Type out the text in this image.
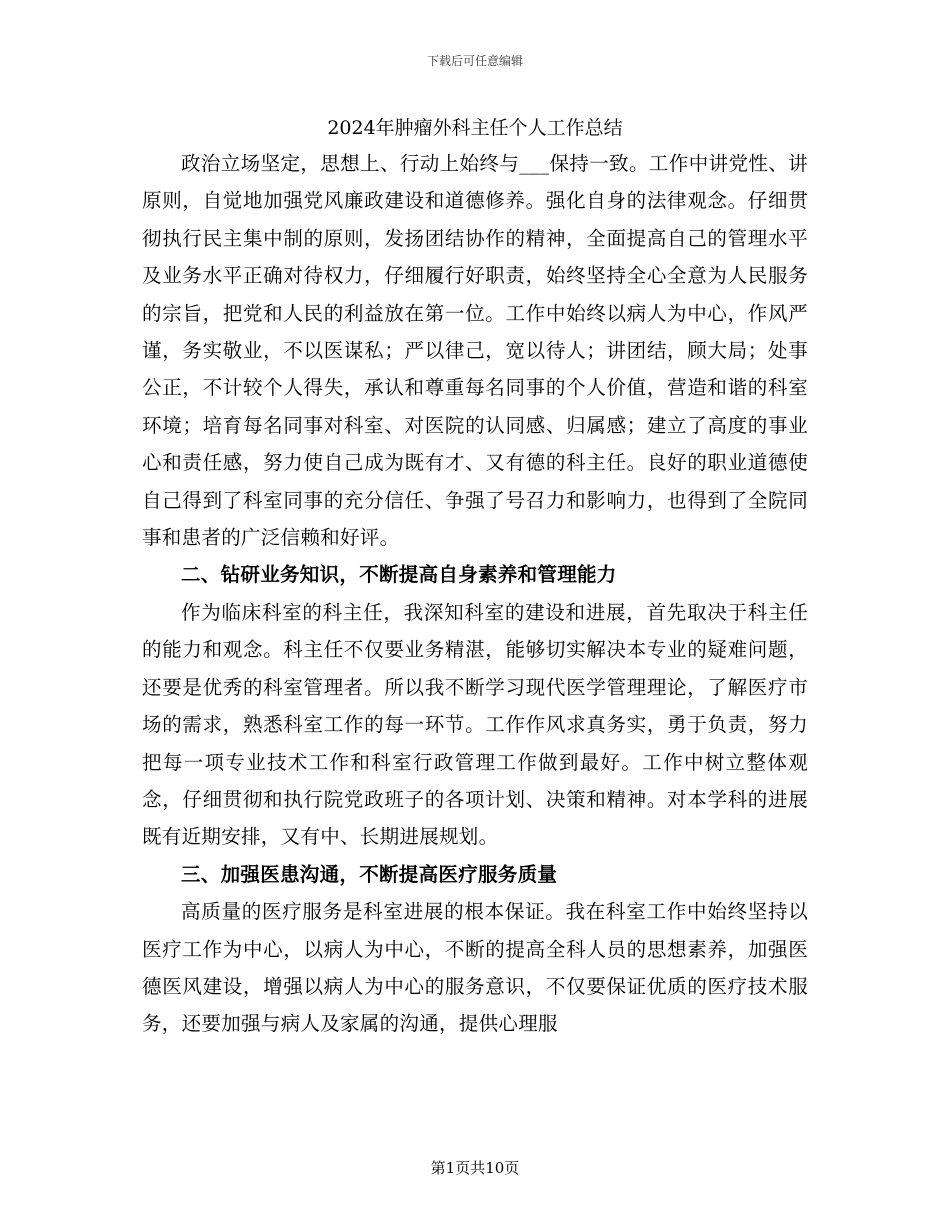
下载后可任意编辑
2024年肿瘤外科主任个人工作总结

政治立场坚定，思想上、行动上始终与___保持一致。工作中讲党性、讲原则，自觉地加强党风廉政建设和道德修养。强化自身的法律观念。仔细贯彻执行民主集中制的原则，发扬团结协作的精神，全面提高自己的管理水平及业务水平正确对待权力，仔细履行好职责，始终坚持全心全意为人民服务的宗旨，把党和人民的利益放在第一位。工作中始终以病人为中心，作风严谨，务实敬业，不以医谋私；严以律己，宽以待人；讲团结，顾大局；处事公正，不计较个人得失，承认和尊重每名同事的个人价值，营造和谐的科室环境；培育每名同事对科室、对医院的认同感、归属感；建立了高度的事业心和责任感，努力使自己成为既有才、又有德的科主任。良好的职业道德使自己得到了科室同事的充分信任、争强了号召力和影响力，也得到了全院同事和患者的广泛信赖和好评。

二、钻研业务知识，不断提高自身素养和管理能力

作为临床科室的科主任，我深知科室的建设和进展，首先取决于科主任的能力和观念。科主任不仅要业务精湛，能够切实解决本专业的疑难问题，还要是优秀的科室管理者。所以我不断学习现代医学管理理论，了解医疗市场的需求，熟悉科室工作的每一环节。工作作风求真务实，勇于负责，努力把每一项专业技术工作和科室行政管理工作做到最好。工作中树立整体观念，仔细贯彻和执行院党政班子的各项计划、决策和精神。对本学科的进展既有近期安排，又有中、长期进展规划。

三、加强医患沟通，不断提高医疗服务质量

高质量的医疗服务是科室进展的根本保证。我在科室工作中始终坚持以医疗工作为中心，以病人为中心，不断的提高全科人员的思想素养，加强医德医风建设，增强以病人为中心的服务意识，不仅要保证优质的医疗技术服务，还要加强与病人及家属的沟通，提供心理服

第1页共10页
